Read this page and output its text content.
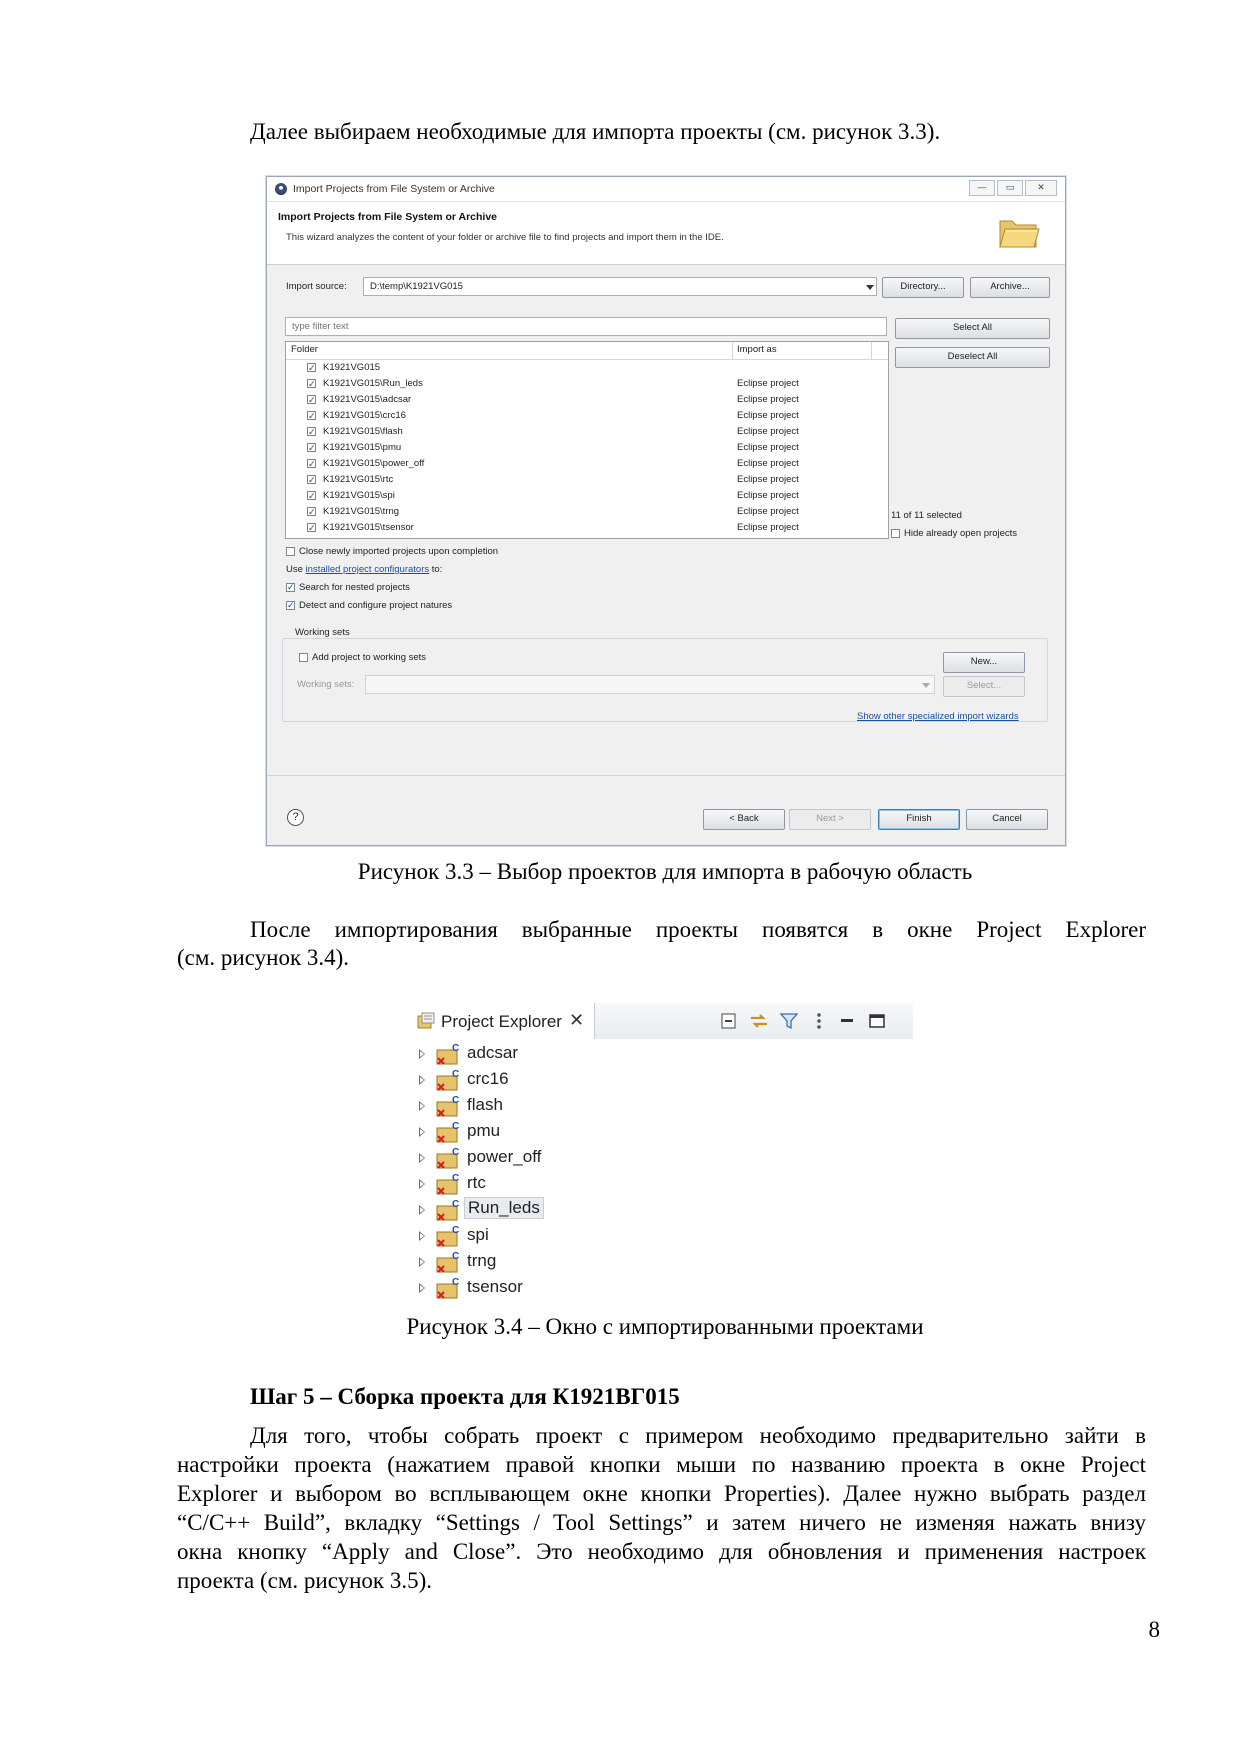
Далее выбираем необходимые для импорта проекты (см. рисунок 3.3).
Import Projects from File System or Archive	—	▭	✕
Import Projects from File System or Archive
This wizard analyzes the content of your folder or archive file to find projects and import them in the IDE.
Import source:	D:\temp\K1921VG015	Directory...	Archive...
type filter text
Select All
Deselect All
Folder	Import as
✓
K1921VG015
✓
K1921VG015\Run_leds	Eclipse project
✓
K1921VG015\adcsar	Eclipse project
✓
K1921VG015\crc16	Eclipse project
✓
K1921VG015\flash	Eclipse project
✓
K1921VG015\pmu	Eclipse project
✓
K1921VG015\power_off	Eclipse project
✓
K1921VG015\rtc	Eclipse project
✓
K1921VG015\spi	Eclipse project
✓
K1921VG015\trng	Eclipse project
✓
K1921VG015\tsensor	Eclipse project
11 of 11 selected
Hide already open projects
Close newly imported projects upon completion
Use installed project configurators to:
✓
Search for nested projects
✓
Detect and configure project natures
Working sets
Add project to working sets	New...
Working sets:	Select...
Show other specialized import wizards
?	< Back	Next >	Finish	Cancel
Рисунок 3.3 – Выбор проектов для импорта в рабочую область
После импортирования выбранные проекты появятся в окне Project Explorer
(см. рисунок 3.4).
Project Explorer ✕
C adcsar
C crc16
C flash
C pmu
C power_off
C rtc
C Run_leds
C spi
C trng
C tsensor
Рисунок 3.4 – Окно с импортированными проектами
Шаг 5 – Сборка проекта для К1921ВГ015
Для того, чтобы собрать проект с примером необходимо предварительно зайти в
настройки проекта (нажатием правой кнопки мыши по названию проекта в окне Project
Explorer и выбором во всплывающем окне кнопки Properties). Далее нужно выбрать раздел
“C/C++ Build”, вкладку “Settings / Tool Settings” и затем ничего не изменяя нажать внизу
окна кнопку “Apply and Close”. Это необходимо для обновления и применения настроек
проекта (см. рисунок 3.5).
8
